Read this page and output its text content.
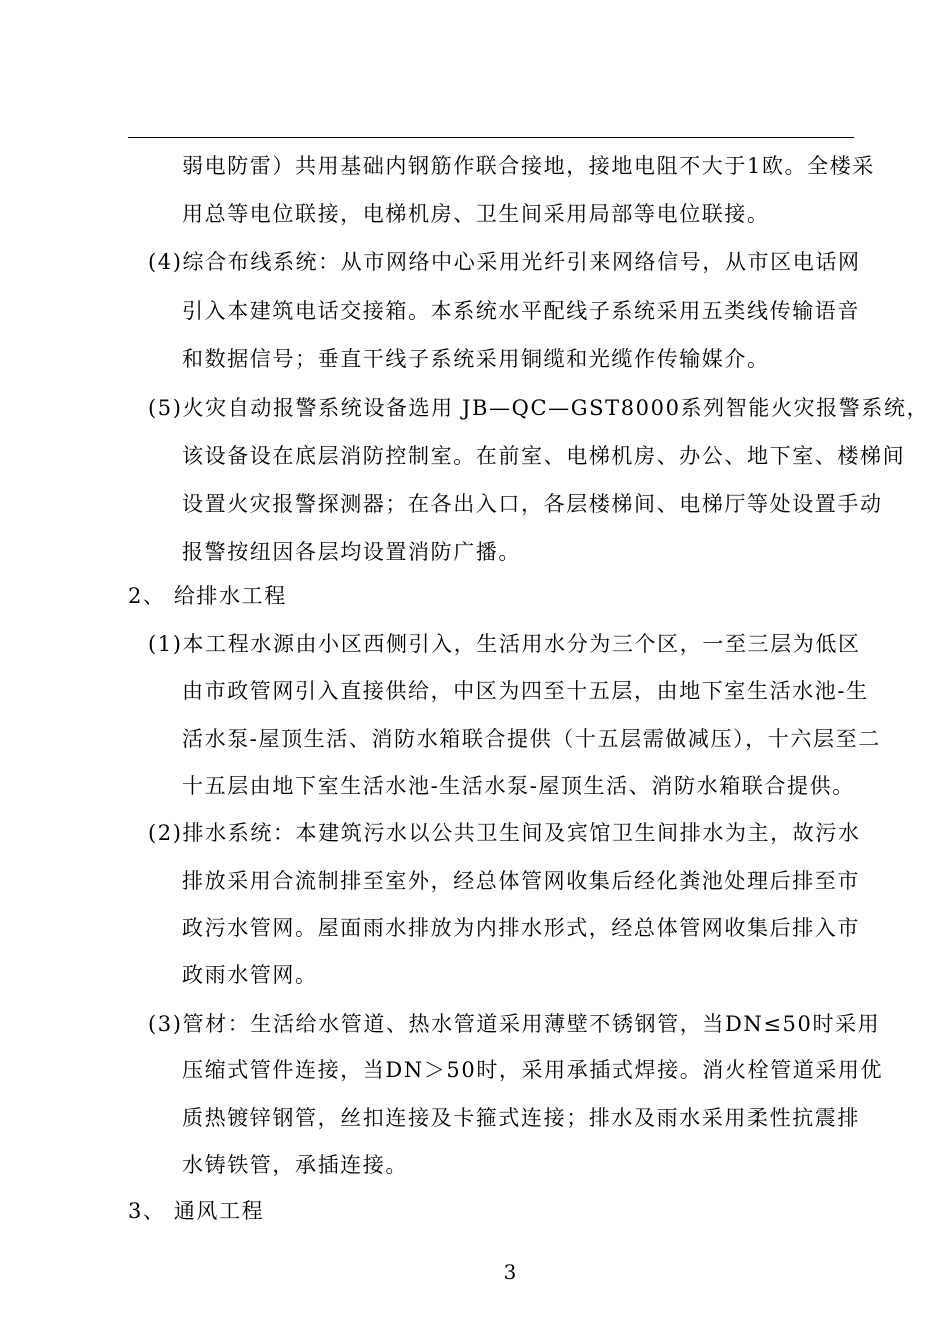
弱电防雷）共用基础内钢筋作联合接地，接地电阻不大于1欧。全楼采
用总等电位联接，电梯机房、卫生间采用局部等电位联接。
(4)综合布线系统：从市网络中心采用光纤引来网络信号，从市区电话网
引入本建筑电话交接箱。本系统水平配线子系统采用五类线传输语音
和数据信号；垂直干线子系统采用铜缆和光缆作传输媒介。
(5)火灾自动报警系统设备选用 JB—QC—GST8000系列智能火灾报警系统，
该设备设在底层消防控制室。在前室、电梯机房、办公、地下室、楼梯间
设置火灾报警探测器；在各出入口，各层楼梯间、电梯厅等处设置手动
报警按纽因各层均设置消防广播。
2、 给排水工程
(1)本工程水源由小区西侧引入，生活用水分为三个区，一至三层为低区
由市政管网引入直接供给，中区为四至十五层，由地下室生活水池-生
活水泵-屋顶生活、消防水箱联合提供（十五层需做减压），十六层至二
十五层由地下室生活水池-生活水泵-屋顶生活、消防水箱联合提供。
(2)排水系统：本建筑污水以公共卫生间及宾馆卫生间排水为主，故污水
排放采用合流制排至室外，经总体管网收集后经化粪池处理后排至市
政污水管网。屋面雨水排放为内排水形式，经总体管网收集后排入市
政雨水管网。
(3)管材：生活给水管道、热水管道采用薄壁不锈钢管，当DN≤50时采用
压缩式管件连接，当DN＞50时，采用承插式焊接。消火栓管道采用优
质热镀锌钢管，丝扣连接及卡箍式连接；排水及雨水采用柔性抗震排
水铸铁管，承插连接。
3、 通风工程
3
